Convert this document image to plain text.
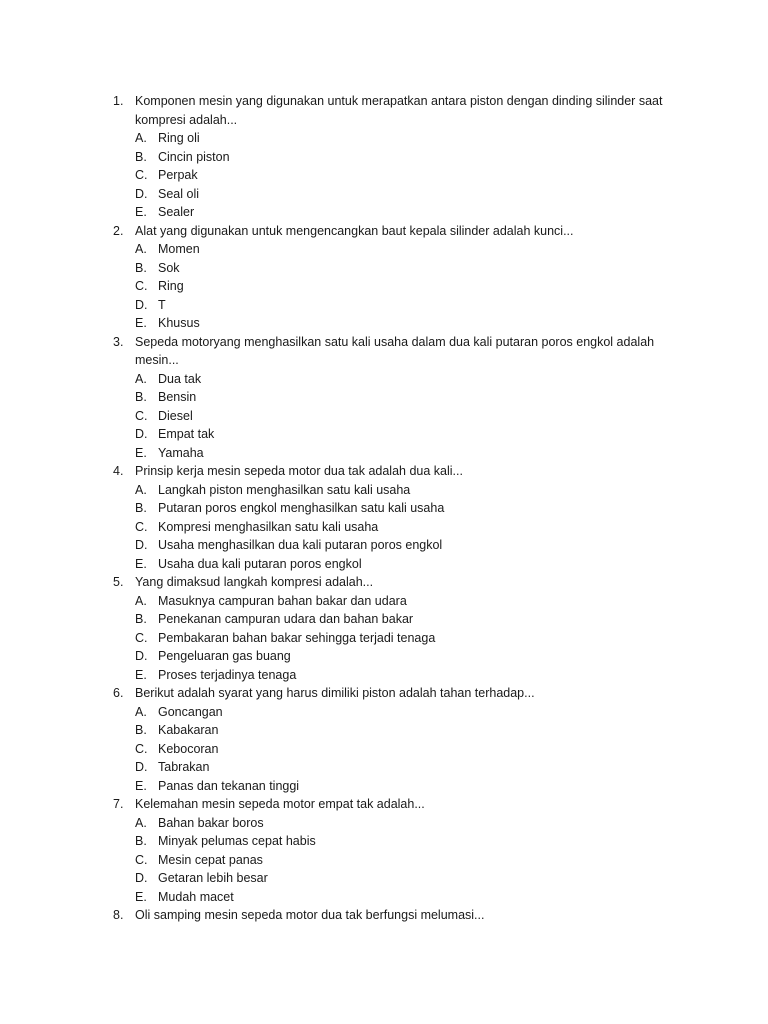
1. Komponen mesin yang digunakan untuk merapatkan antara piston dengan dinding silinder saat kompresi adalah...
A. Ring oli
B. Cincin piston
C. Perpak
D. Seal oli
E. Sealer
2. Alat yang digunakan untuk mengencangkan baut kepala silinder adalah kunci...
A. Momen
B. Sok
C. Ring
D. T
E. Khusus
3. Sepeda motoryang menghasilkan satu kali usaha dalam dua kali putaran poros engkol adalah mesin...
A. Dua tak
B. Bensin
C. Diesel
D. Empat tak
E. Yamaha
4. Prinsip kerja mesin sepeda motor dua tak adalah dua kali...
A. Langkah piston menghasilkan satu kali usaha
B. Putaran poros engkol menghasilkan satu kali usaha
C. Kompresi menghasilkan satu kali usaha
D. Usaha menghasilkan dua kali putaran poros engkol
E. Usaha dua kali putaran poros engkol
5. Yang dimaksud langkah kompresi adalah...
A. Masuknya campuran bahan bakar dan udara
B. Penekanan campuran udara dan bahan bakar
C. Pembakaran bahan bakar sehingga terjadi tenaga
D. Pengeluaran gas buang
E. Proses terjadinya tenaga
6. Berikut adalah syarat yang harus dimiliki piston adalah tahan terhadap...
A. Goncangan
B. Kabakaran
C. Kebocoran
D. Tabrakan
E. Panas dan tekanan tinggi
7. Kelemahan mesin sepeda motor empat tak adalah...
A. Bahan bakar boros
B. Minyak pelumas cepat habis
C. Mesin cepat panas
D. Getaran lebih besar
E. Mudah macet
8. Oli samping mesin sepeda motor dua tak berfungsi melumasi...
